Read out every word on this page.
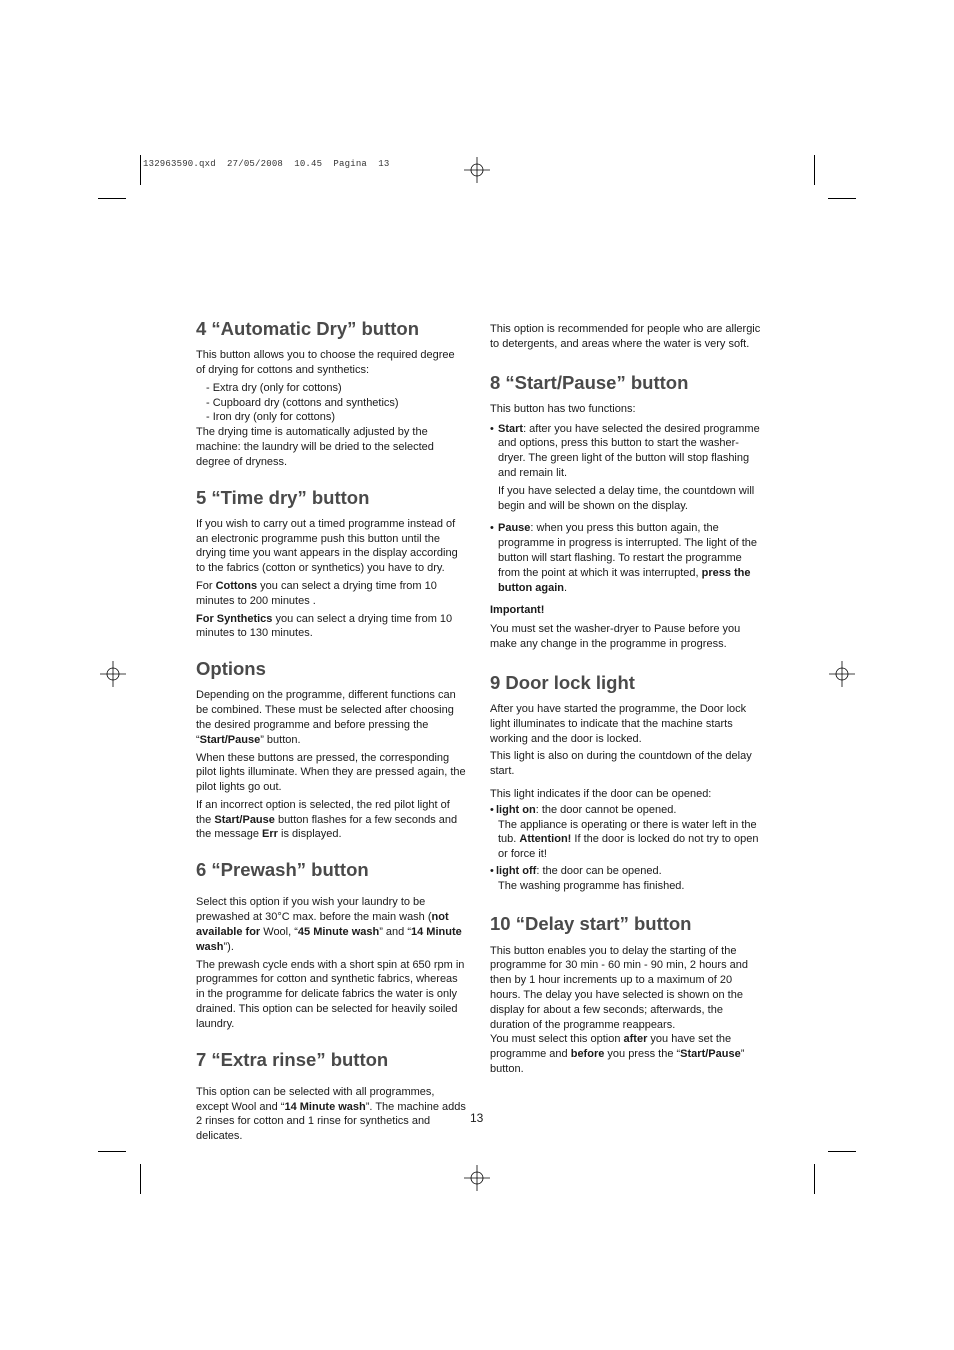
132963590.qxd  27/05/2008  10.45  Pagina  13
4 “Automatic Dry” button

This button allows you to choose the required degree of drying for cottons and synthetics:

- Extra dry (only for cottons)

- Cupboard dry (cottons and synthetics)

- Iron dry (only for cottons)

The drying time is automatically adjusted by the machine: the laundry will be dried to the selected degree of dryness.

5 “Time dry” button

If you wish to carry out a timed programme instead of an electronic programme push this button until the drying time you want appears in the display according to the fabrics (cotton or synthetics) you have to dry.

For Cottons you can select a drying time from 10 minutes to 200 minutes .

For Synthetics you can select a drying time from 10 minutes to 130 minutes.

Options

Depending on the programme, different functions can be combined. These must be selected after choosing the desired programme and before pressing the “Start/Pause” button.

When these buttons are pressed, the corresponding pilot lights illuminate. When they are pressed again, the pilot lights go out.

If an incorrect option is selected, the red pilot light of the Start/Pause button flashes for a few seconds and the message Err is displayed.

6 “Prewash” button

Select this option if you wish your laundry to be prewashed at 30°C max. before the main wash (not available for Wool, “45 Minute wash” and “14 Minute wash”).

The prewash cycle ends with a short spin at 650 rpm in programmes for cotton and synthetic fabrics, whereas in the programme for delicate fabrics the water is only drained. This option can be selected for heavily soiled laundry.

7 “Extra rinse” button

This option can be selected with all programmes, except Wool and “14 Minute wash”. The machine adds 2 rinses for cotton and 1 rinse for synthetics and delicates.

This option is recommended for people who are allergic to detergents, and areas where the water is very soft.

8 “Start/Pause” button

This button has two functions:

• Start: after you have selected the desired programme and options, press this button to start the washer-dryer. The green light of the button will stop flashing and remain lit.

If you have selected a delay time, the countdown will begin and will be shown on the display.

• Pause: when you press this button again, the programme in progress is interrupted. The light of the button will start flashing. To restart the programme from the point at which it was interrupted, press the button again.

Important!

You must set the washer-dryer to Pause before you make any change in the programme in progress.

9 Door lock light

After you have started the programme, the Door lock light illuminates to indicate that the machine starts working and the door is locked.

This light is also on during the countdown of the delay start.

This light indicates if the door can be opened:

• light on: the door cannot be opened.

The appliance is operating or there is water left in the tub. Attention! If the door is locked do not try to open or force it!

• light off: the door can be opened.

The washing programme has finished.

10 “Delay start” button

This button enables you to delay the starting of the programme for 30 min - 60 min - 90 min, 2 hours and then by 1 hour increments up to a maximum of 20 hours. The delay you have selected is shown on the display for about a few seconds; afterwards, the duration of the programme reappears.

You must select this option after you have set the programme and before you press the “Start/Pause” button.

13
